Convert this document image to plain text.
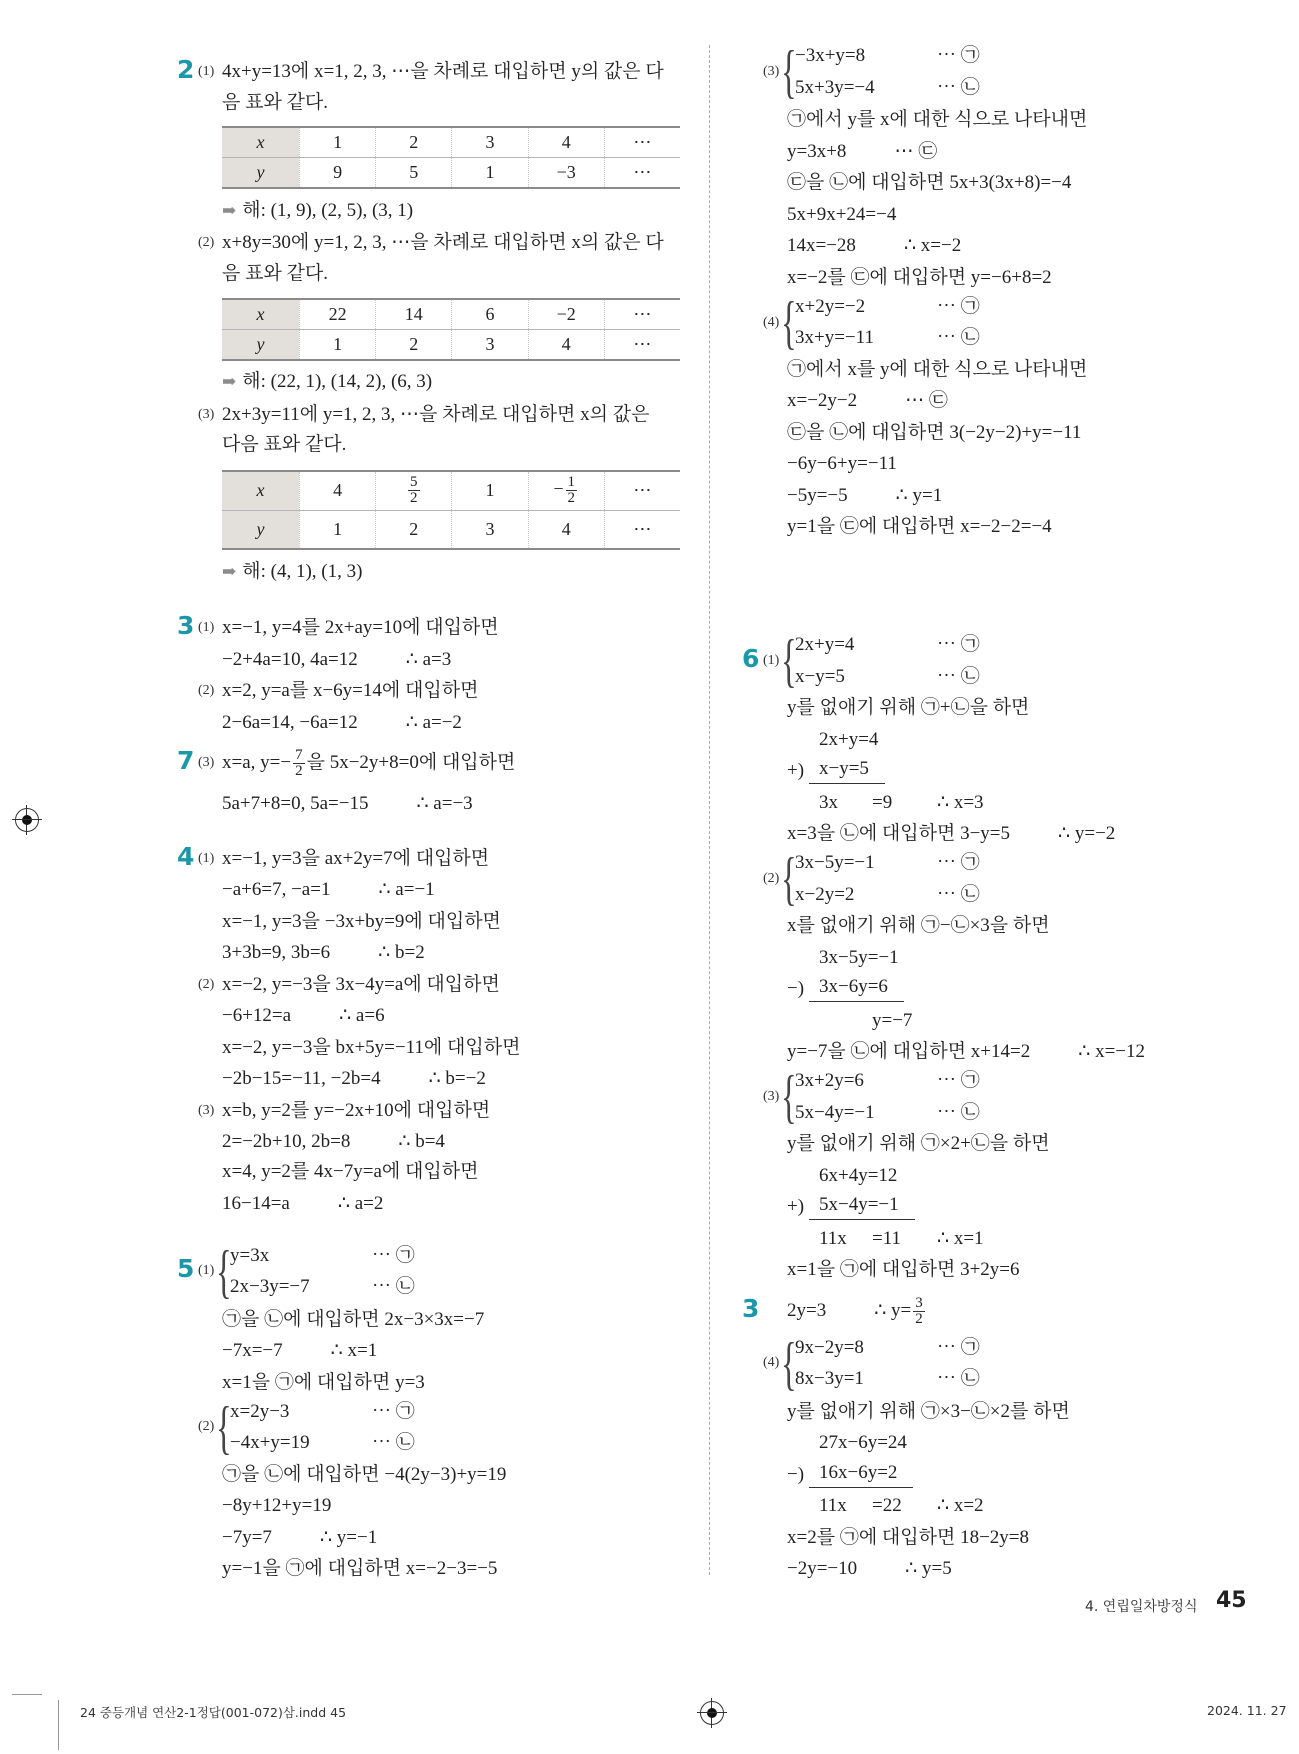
2 (1) 4x+y=13에 x=1, 2, 3, ⋯을 차례로 대입하면 y의 값은 다
음 표와 같다.
x	1	2	3	4	⋯
y	9	5	1	−3	⋯
➡ 해: (1, 9), (2, 5), (3, 1)
(2) x+8y=30에 y=1, 2, 3, ⋯을 차례로 대입하면 x의 값은 다
음 표와 같다.
x	22	14	6	−2	⋯
y	1	2	3	4	⋯
➡ 해: (22, 1), (14, 2), (6, 3)
(3) 2x+3y=11에 y=1, 2, 3, ⋯을 차례로 대입하면 x의 값은
다음 표와 같다.
x	4	$\frac{5}{2}$	1	− $\frac{1}{2}$	⋯
y	1	2	3	4	⋯
➡ 해: (4, 1), (1, 3)
3 (1) x=−1, y=4를 2x+ay=10에 대입하면
−2+4a=10, 4a=12	∴ a=3
(2) x=2, y=a를 x−6y=14에 대입하면
2−6a=14, −6a=12	∴ a=−2
7 (3) x=a, $y=- \frac{7}{2}$ 을 5x−2y+8=0에 대입하면
5a+7+8=0, 5a=−15	∴ a=−3
4 (1) x=−1, y=3을 ax+2y=7에 대입하면
−a+6=7, −a=1	∴ a=−1
x=−1, y=3을 −3x+by=9에 대입하면
3+3b=9, 3b=6	∴ b=2
(2) x=−2, y=−3을 3x−4y=a에 대입하면
−6+12=a	∴ a=6
x=−2, y=−3을 bx+5y=−11에 대입하면
−2b−15=−11, −2b=4	∴ b=−2
(3) x=b, y=2를 y=−2x+10에 대입하면
2=−2b+10, 2b=8	∴ b=4
x=4, y=2를 4x−7y=a에 대입하면
16−14=a	∴ a=2
5 (1) {
y=3x	⋯ ㉠
2x−3y=−7	⋯ ㉡
㉠을 ㉡에 대입하면 2x−3×3x=−7
−7x=−7	∴ x=1
x=1을 ㉠에 대입하면 y=3
(2) {
x=2y−3	⋯ ㉠
−4x+y=19	⋯ ㉡
㉠을 ㉡에 대입하면 −4(2y−3)+y=19
−8y+12+y=19
−7y=7	∴ y=−1
y=−1을 ㉠에 대입하면 x=−2−3=−5
(3) {
−3x+y=8	⋯ ㉠
5x+3y=−4	⋯ ㉡
㉠에서 y를 x에 대한 식으로 나타내면
y=3x+8	⋯ ㉢
㉢을 ㉡에 대입하면 5x+3(3x+8)=−4
5x+9x+24=−4
14x=−28	∴ x=−2
x=−2를 ㉢에 대입하면 y=−6+8=2
(4) {
x+2y=−2	⋯ ㉠
3x+y=−11	⋯ ㉡
㉠에서 x를 y에 대한 식으로 나타내면
x=−2y−2	⋯ ㉢
㉢을 ㉡에 대입하면 3(−2y−2)+y=−11
−6y−6+y=−11
−5y=−5	∴ y=1
y=1을 ㉢에 대입하면 x=−2−2=−4
6 (1) {
2x+y=4	⋯ ㉠
x−y=5	⋯ ㉡
y를 없애기 위해 ㉠+㉡을 하면
2x+y=4
+) x−y=5
3x =9 ∴ x=3
x=3을 ㉡에 대입하면 3−y=5	∴ y=−2
(2) {
3x−5y=−1	⋯ ㉠
x−2y=2	⋯ ㉡
x를 없애기 위해 ㉠−㉡×3을 하면
3x−5y=−1
−) 3x−6y=6
y=−7
y=−7을 ㉡에 대입하면 x+14=2	∴ x=−12
(3) {
3x+2y=6	⋯ ㉠
5x−4y=−1	⋯ ㉡
y를 없애기 위해 ㉠×2+㉡을 하면
6x+4y=12
+) 5x−4y=−1
11x =11 ∴ x=1
x=1을 ㉠에 대입하면 3+2y=6
3 2y=3	∴ $y= \frac{3}{2}$
(4) {
9x−2y=8	⋯ ㉠
8x−3y=1	⋯ ㉡
y를 없애기 위해 ㉠×3−㉡×2를 하면
27x−6y=24
−) 16x−6y=2
11x =22 ∴ x=2
x=2를 ㉠에 대입하면 18−2y=8
−2y=−10	∴ y=5
4. 연립일차방정식 45
24 중등개념 연산2-1정답(001-072)삼.indd 45	2024. 11. 27
